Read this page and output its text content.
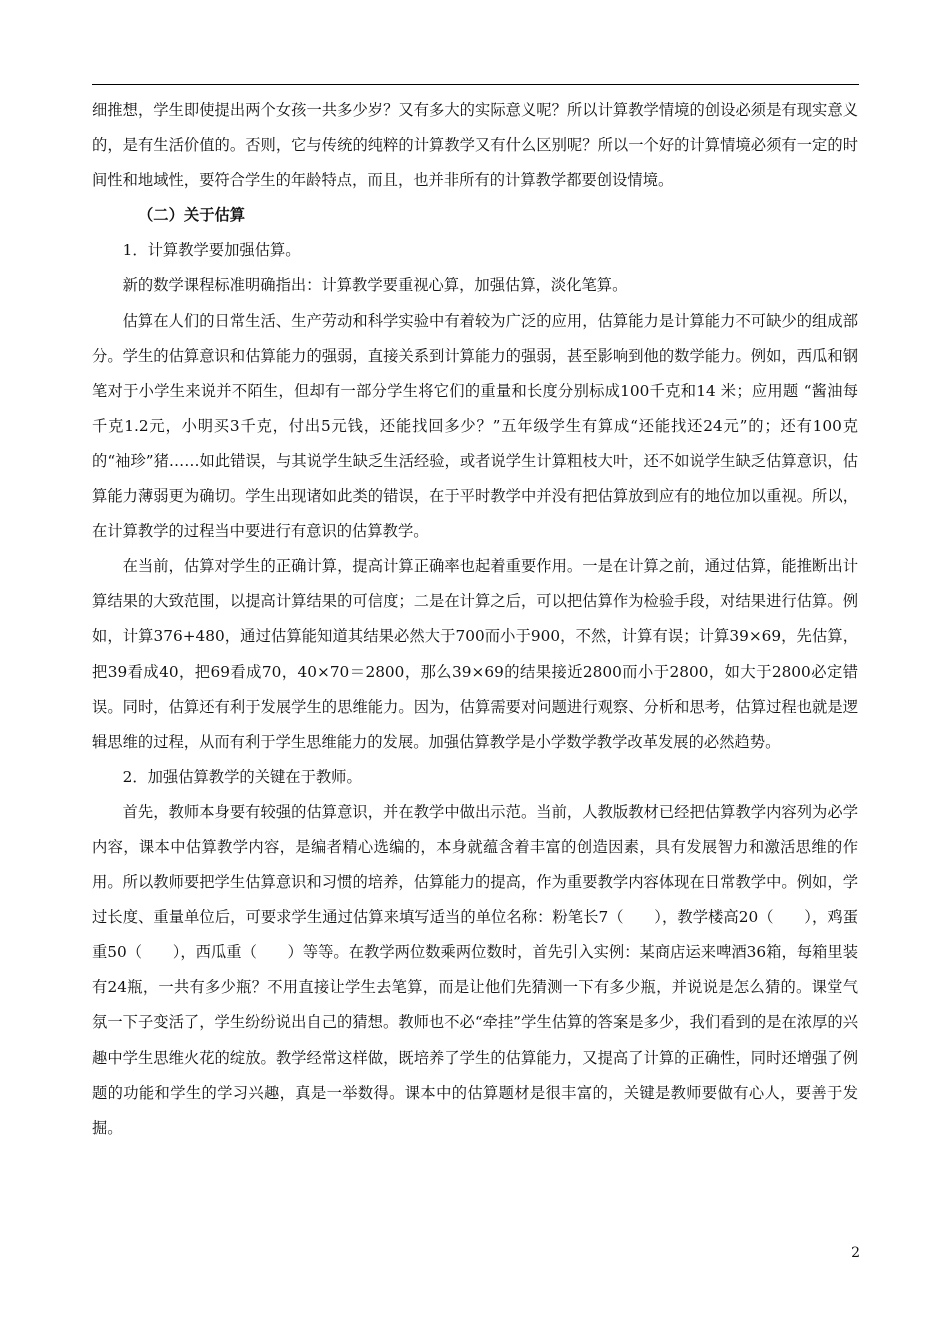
细推想，学生即使提出两个女孩一共多少岁？又有多大的实际意义呢？所以计算教学情境的创设必须是有现实意义的，是有生活价值的。否则，它与传统的纯粹的计算教学又有什么区别呢？所以一个好的计算情境必须有一定的时间性和地域性，要符合学生的年龄特点，而且，也并非所有的计算教学都要创设情境。

（二）关于估算

1．计算教学要加强估算。

新的数学课程标准明确指出：计算教学要重视心算，加强估算，淡化笔算。

估算在人们的日常生活、生产劳动和科学实验中有着较为广泛的应用，估算能力是计算能力不可缺少的组成部分。学生的估算意识和估算能力的强弱，直接关系到计算能力的强弱，甚至影响到他的数学能力。例如，西瓜和钢笔对于小学生来说并不陌生，但却有一部分学生将它们的重量和长度分别标成100千克和14 米；应用题 “酱油每千克1.2元，小明买3千克，付出5元钱，还能找回多少？”五年级学生有算成“还能找还24元”的；还有100克的“袖珍”猪……如此错误，与其说学生缺乏生活经验，或者说学生计算粗枝大叶，还不如说学生缺乏估算意识，估算能力薄弱更为确切。学生出现诸如此类的错误，在于平时教学中并没有把估算放到应有的地位加以重视。所以，在计算教学的过程当中要进行有意识的估算教学。

在当前，估算对学生的正确计算，提高计算正确率也起着重要作用。一是在计算之前，通过估算，能推断出计算结果的大致范围，以提高计算结果的可信度；二是在计算之后，可以把估算作为检验手段，对结果进行估算。例如，计算376+480，通过估算能知道其结果必然大于700而小于900，不然，计算有误；计算39×69，先估算，把39看成40，把69看成70，40×70＝2800，那么39×69的结果接近2800而小于2800，如大于2800必定错误。同时，估算还有利于发展学生的思维能力。因为，估算需要对问题进行观察、分析和思考，估算过程也就是逻辑思维的过程，从而有利于学生思维能力的发展。加强估算教学是小学数学教学改革发展的必然趋势。

2．加强估算教学的关键在于教师。

首先，教师本身要有较强的估算意识，并在教学中做出示范。当前，人教版教材已经把估算教学内容列为必学内容，课本中估算教学内容，是编者精心选编的，本身就蕴含着丰富的创造因素，具有发展智力和激活思维的作用。所以教师要把学生估算意识和习惯的培养，估算能力的提高，作为重要教学内容体现在日常教学中。例如，学过长度、重量单位后，可要求学生通过估算来填写适当的单位名称：粉笔长7（　　），教学楼高20（　　），鸡蛋重50（　　），西瓜重（　　）等等。在教学两位数乘两位数时，首先引入实例：某商店运来啤酒36箱，每箱里装有24瓶，一共有多少瓶？不用直接让学生去笔算，而是让他们先猜测一下有多少瓶，并说说是怎么猜的。课堂气氛一下子变活了，学生纷纷说出自己的猜想。教师也不必“牵挂”学生估算的答案是多少，我们看到的是在浓厚的兴趣中学生思维火花的绽放。教学经常这样做，既培养了学生的估算能力，又提高了计算的正确性，同时还增强了例题的功能和学生的学习兴趣，真是一举数得。课本中的估算题材是很丰富的，关键是教师要做有心人，要善于发掘。

2
